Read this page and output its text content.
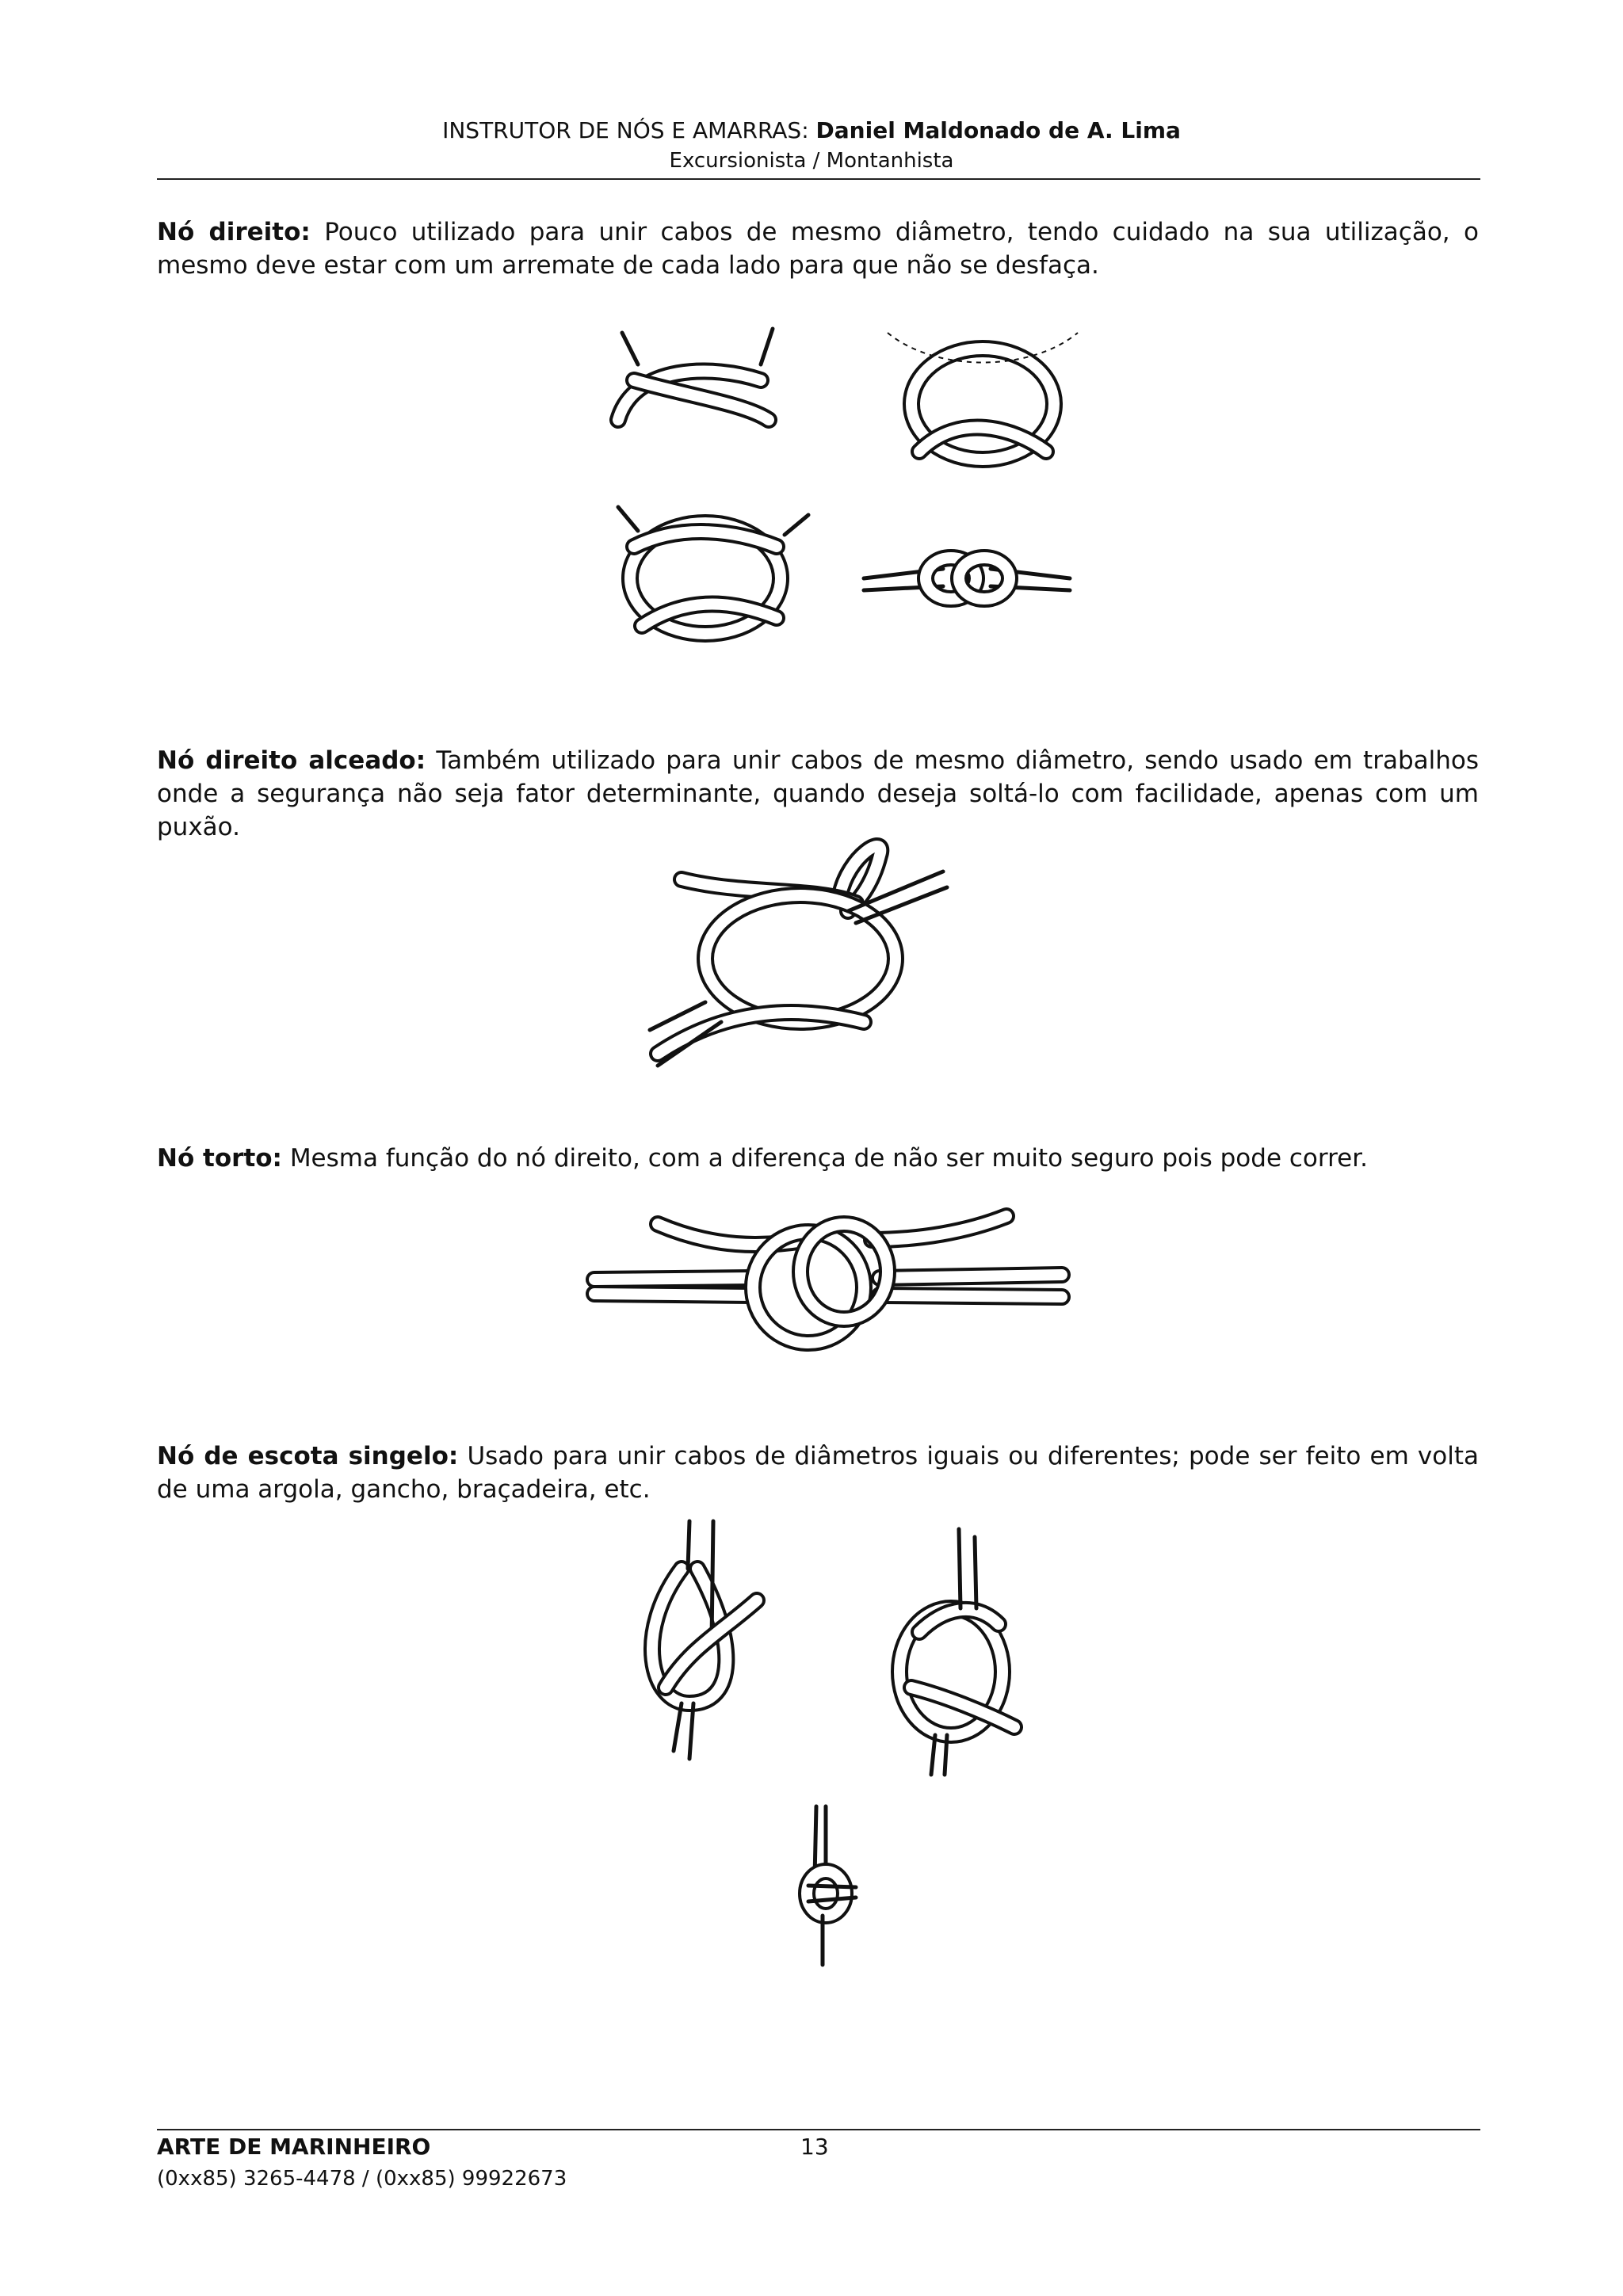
INSTRUTOR DE NÓS E AMARRAS: Daniel Maldonado de A. Lima
Excursionista / Montanhista
Nó direito: Pouco utilizado para unir cabos de mesmo diâmetro, tendo cuidado na sua utilização, o mesmo deve estar com um arremate de cada lado para que não se desfaça.
Nó direito alceado: Também utilizado para unir cabos de mesmo diâmetro, sendo usado em trabalhos onde a segurança não seja fator determinante, quando deseja soltá-lo com facilidade, apenas com um puxão.
Nó torto: Mesma função do nó direito, com a diferença de não ser muito seguro pois pode correr.
Nó de escota singelo: Usado para unir cabos de diâmetros iguais ou diferentes; pode ser feito em volta de uma argola, gancho, braçadeira, etc.
ARTE DE MARINHEIRO	13
(0xx85) 3265-4478 / (0xx85) 99922673
